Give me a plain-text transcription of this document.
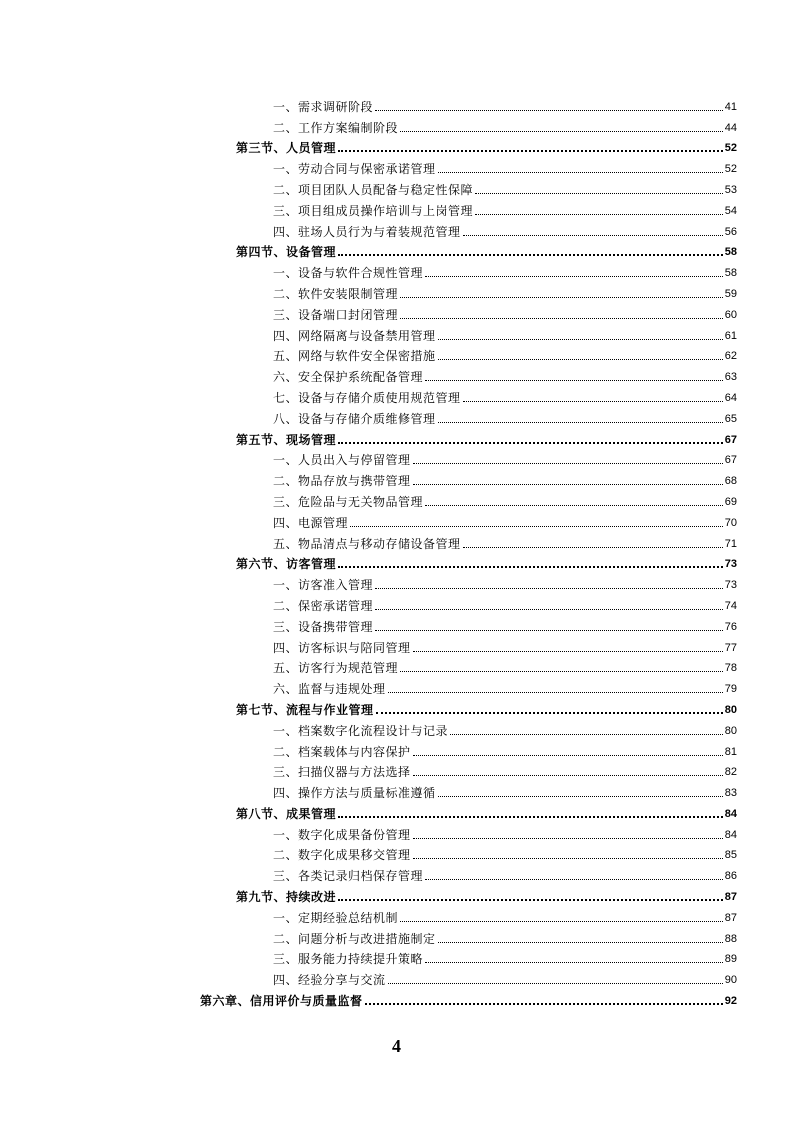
一、需求调研阶段	41
二、工作方案编制阶段	44
第三节、人员管理	52
一、劳动合同与保密承诺管理	52
二、项目团队人员配备与稳定性保障	53
三、项目组成员操作培训与上岗管理	54
四、驻场人员行为与着装规范管理	56
第四节、设备管理	58
一、设备与软件合规性管理	58
二、软件安装限制管理	59
三、设备端口封闭管理	60
四、网络隔离与设备禁用管理	61
五、网络与软件安全保密措施	62
六、安全保护系统配备管理	63
七、设备与存储介质使用规范管理	64
八、设备与存储介质维修管理	65
第五节、现场管理	67
一、人员出入与停留管理	67
二、物品存放与携带管理	68
三、危险品与无关物品管理	69
四、电源管理	70
五、物品清点与移动存储设备管理	71
第六节、访客管理	73
一、访客准入管理	73
二、保密承诺管理	74
三、设备携带管理	76
四、访客标识与陪同管理	77
五、访客行为规范管理	78
六、监督与违规处理	79
第七节、流程与作业管理	80
一、档案数字化流程设计与记录	80
二、档案载体与内容保护	81
三、扫描仪器与方法选择	82
四、操作方法与质量标准遵循	83
第八节、成果管理	84
一、数字化成果备份管理	84
二、数字化成果移交管理	85
三、各类记录归档保存管理	86
第九节、持续改进	87
一、定期经验总结机制	87
二、问题分析与改进措施制定	88
三、服务能力持续提升策略	89
四、经验分享与交流	90
第六章、信用评价与质量监督	92
4
